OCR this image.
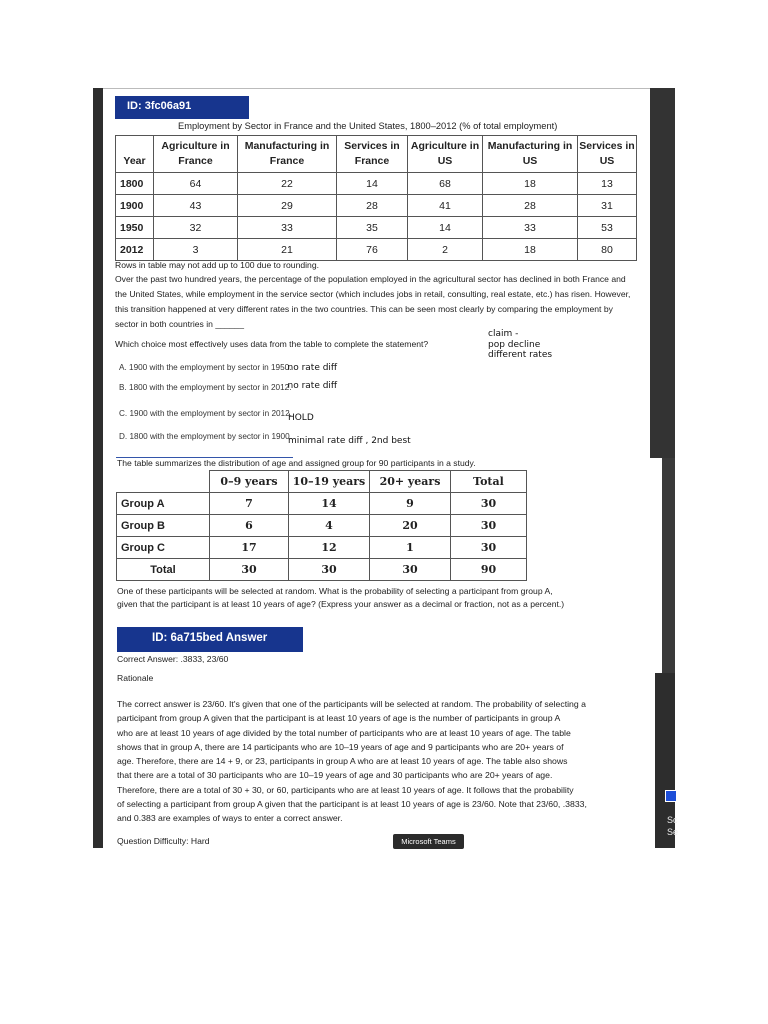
Sc
Se
ID: 3fc06a91
Employment by Sector in France and the United States, 1800–2012 (% of total employment)
Year	Agriculture in France	Manufacturing in France	Services in France	Agriculture in US	Manufacturing in US	Services in US
1800	64	22	14	68	18	13
1900	43	29	28	41	28	31
1950	32	33	35	14	33	53
2012	3	21	76	2	18	80
Rows in table may not add up to 100 due to rounding.
Over the past two hundred years, the percentage of the population employed in the agricultural sector has declined in both France and the United States, while employment in the service sector (which includes jobs in retail, consulting, real estate, etc.) has risen. However, this transition happened at very different rates in the two countries. This can be seen most clearly by comparing the employment by sector in both countries in ______
claim -
pop decline
different rates
Which choice most effectively uses data from the table to complete the statement?
A. 1900 with the employment by sector in 1950.no rate diff
B. 1800 with the employment by sector in 2012.no rate diff
C. 1900 with the employment by sector in $2012._{HOLD}$
D. 1800 with the employment by sector in $1900._{minimal rate diff , 2nd best}$
The table summarizes the distribution of age and assigned group for 90 participants in a study.
	0–9 years	10–19 years	20+ years	Total
Group A	7	14	9	30
Group B	6	4	20	30
Group C	17	12	1	30
Total	30	30	30	90
One of these participants will be selected at random. What is the probability of selecting a participant from group A,
given that the participant is at least 10 years of age? (Express your answer as a decimal or fraction, not as a percent.)
ID: 6a715bed Answer
Correct Answer: .3833, 23/60
Rationale
The correct answer is 23/60. It's given that one of the participants will be selected at random. The probability of selecting a
participant from group A given that the participant is at least 10 years of age is the number of participants in group A
who are at least 10 years of age divided by the total number of participants who are at least 10 years of age. The table
shows that in group A, there are 14 participants who are 10–19 years of age and 9 participants who are 20+ years of
age. Therefore, there are 14 + 9, or 23, participants in group A who are at least 10 years of age. The table also shows
that there are a total of 30 participants who are 10–19 years of age and 30 participants who are 20+ years of age.
Therefore, there are a total of 30 + 30, or 60, participants who are at least 10 years of age. It follows that the probability
of selecting a participant from group A given that the participant is at least 10 years of age is 23/60. Note that 23/60, .3833,
and 0.383 are examples of ways to enter a correct answer.
Question Difficulty: Hard	Microsoft Teams
